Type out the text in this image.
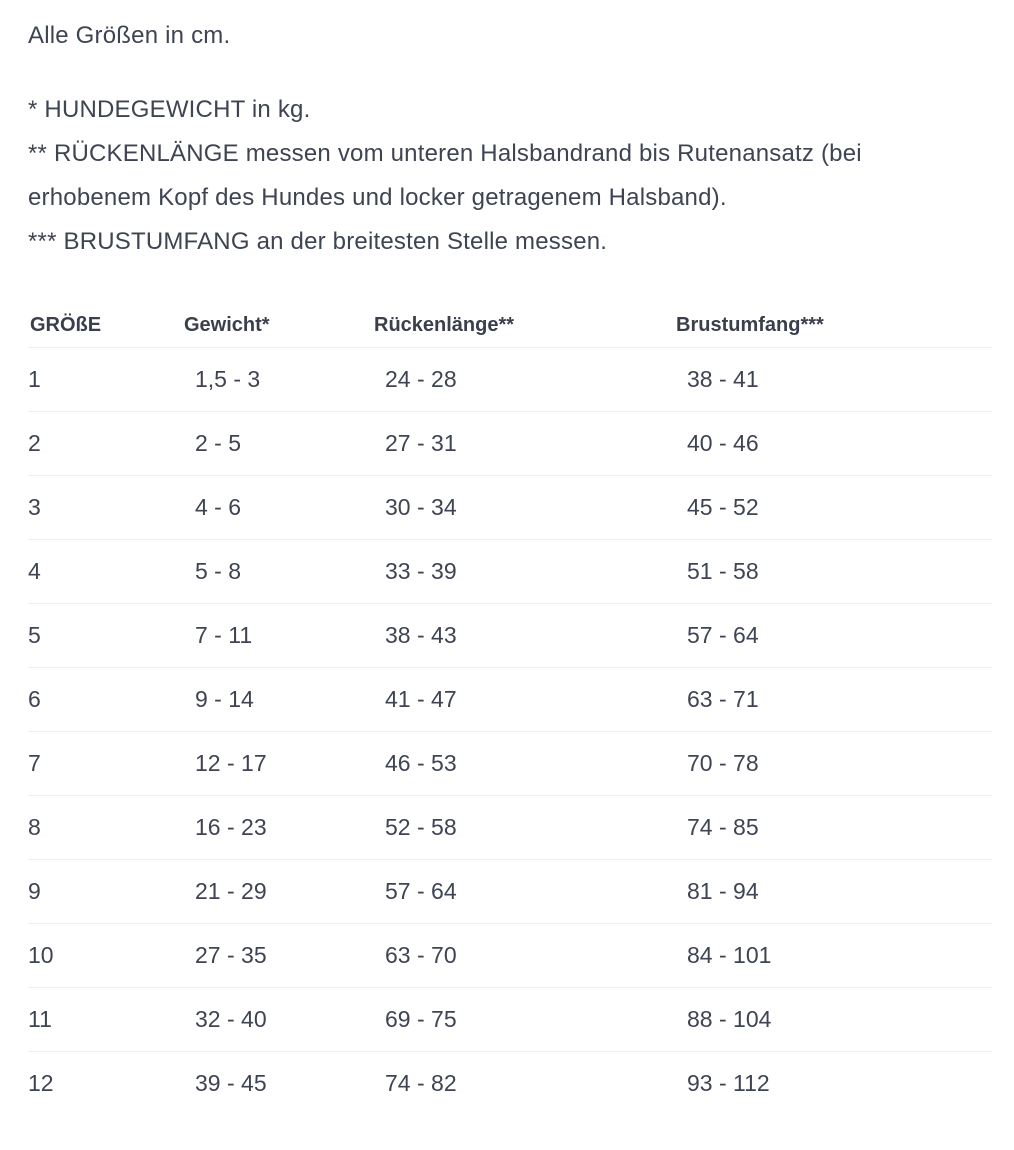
Alle Größen in cm.

* HUNDEGEWICHT in kg.

** RÜCKENLÄNGE messen vom unteren Halsbandrand bis Rutenansatz (bei erhobenem Kopf des Hundes und locker getragenem Halsband).

*** BRUSTUMFANG an der breitesten Stelle messen.

GRÖßE	Gewicht*	Rückenlänge**	Brustumfang***
1	1,5 - 3	24 - 28	38 - 41
2	2 - 5	27 - 31	40 - 46
3	4 - 6	30 - 34	45 - 52
4	5 - 8	33 - 39	51 - 58
5	7 - 11	38 - 43	57 - 64
6	9 - 14	41 - 47	63 - 71
7	12 - 17	46 - 53	70 - 78
8	16 - 23	52 - 58	74 - 85
9	21 - 29	57 - 64	81 - 94
10	27 - 35	63 - 70	84 - 101
11	32 - 40	69 - 75	88 - 104
12	39 - 45	74 - 82	93 - 112
